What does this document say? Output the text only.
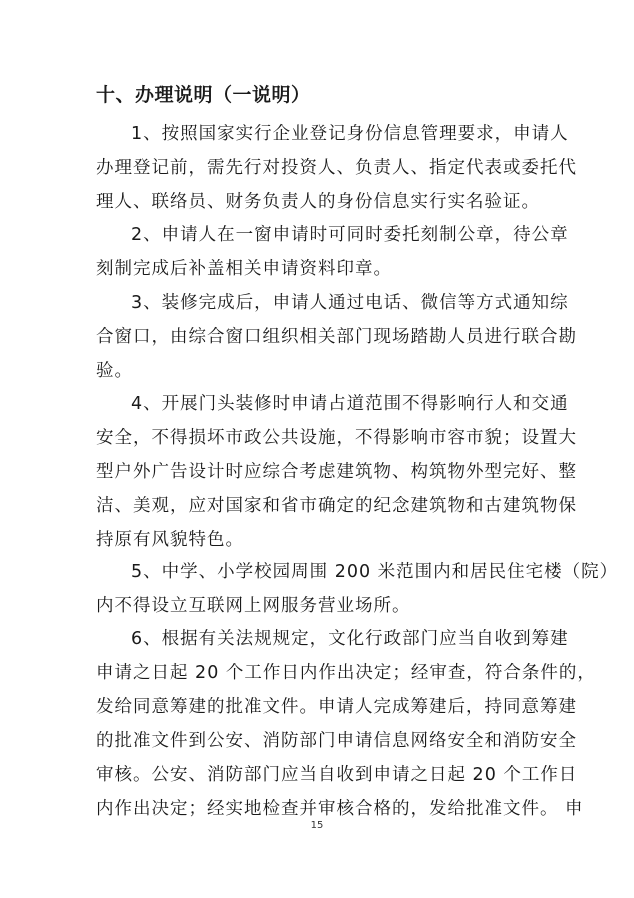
十、办理说明（一说明）
1、按照国家实行企业登记身份信息管理要求，申请人
办理登记前，需先行对投资人、负责人、指定代表或委托代
理人、联络员、财务负责人的身份信息实行实名验证。
2、申请人在一窗申请时可同时委托刻制公章，待公章
刻制完成后补盖相关申请资料印章。
3、装修完成后，申请人通过电话、微信等方式通知综
合窗口，由综合窗口组织相关部门现场踏勘人员进行联合勘
验。
4、开展门头装修时申请占道范围不得影响行人和交通
安全，不得损坏市政公共设施，不得影响市容市貌；设置大
型户外广告设计时应综合考虑建筑物、构筑物外型完好、整
洁、美观，应对国家和省市确定的纪念建筑物和古建筑物保
持原有风貌特色。
5、中学、小学校园周围 200 米范围内和居民住宅楼（院）
内不得设立互联网上网服务营业场所。
6、根据有关法规规定，文化行政部门应当自收到筹建
申请之日起 20 个工作日内作出决定；经审查，符合条件的，
发给同意筹建的批准文件。申请人完成筹建后，持同意筹建
的批准文件到公安、消防部门申请信息网络安全和消防安全
审核。公安、消防部门应当自收到申请之日起 20 个工作日
内作出决定；经实地检查并审核合格的，发给批准文件。 申
15
